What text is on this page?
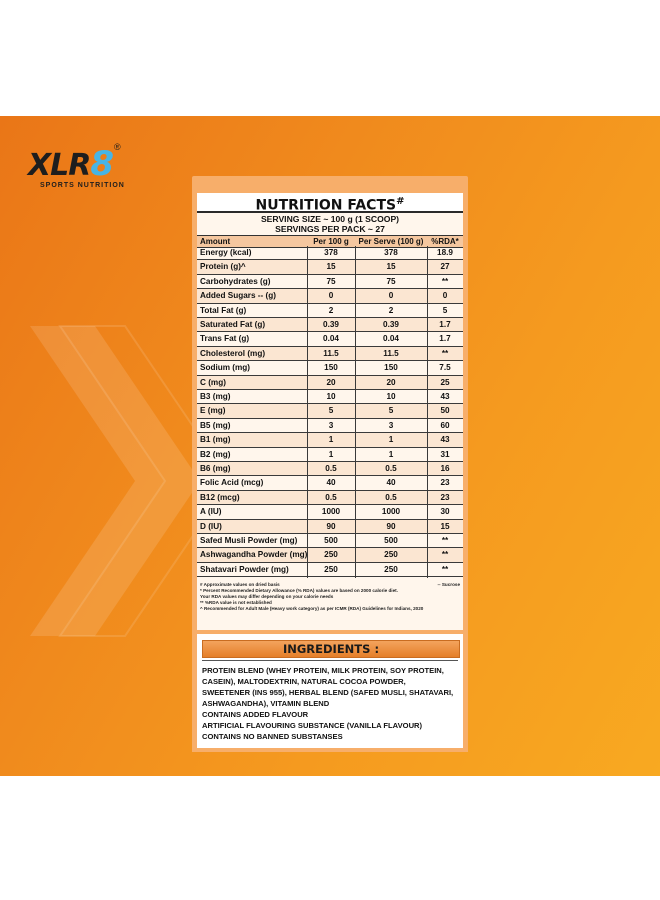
XLR8 ®
SPORTS NUTRITION
NUTRITION FACTS#
SERVING SIZE ~ 100 g (1 SCOOP)
SERVINGS PER PACK ~ 27
Amount	Per 100 g	Per Serve (100 g) %RDA*
Energy (kcal)	378	378	18.9
Protein (g)^	15	15	27
Carbohydrates (g)	75	75	**
Added Sugars -- (g)	0	0	0
Total Fat (g)	2	2	5
Saturated Fat (g)	0.39	0.39	1.7
Trans Fat (g)	0.04	0.04	1.7
Cholesterol (mg)	11.5	11.5	**
Sodium (mg)	150	150	7.5
C (mg)	20	20	25
B3 (mg)	10	10	43
E (mg)	5	5	50
B5 (mg)	3	3	60
B1 (mg)	1	1	43
B2 (mg)	1	1	31
B6 (mg)	0.5	0.5	16
Folic Acid (mcg)	40	40	23
B12 (mcg)	0.5	0.5	23
A (IU)	1000	1000	30
D (IU)	90	90	15
Safed Musli Powder (mg)	500	500	**
Ashwagandha Powder (mg)	250	250	**
Shatavari Powder (mg)	250	250	**
-- Sucrose
# Approximate values on dried basis
* Percent Recommended Dietary Allowance (% RDA) values are based on 2000 calorie diet.
Your RDA values may differ depending on your calorie needs
** %RDA value is not established
^ Recommended for Adult Male (Heavy work category) as per ICMR (RDA) Guidelines for Indians, 2020
INGREDIENTS :
PROTEIN BLEND (WHEY PROTEIN, MILK PROTEIN, SOY PROTEIN,
CASEIN), MALTODEXTRIN, NATURAL COCOA POWDER,
SWEETENER (INS 955), HERBAL BLEND (SAFED MUSLI, SHATAVARI,
ASHWAGANDHA), VITAMIN BLEND
CONTAINS ADDED FLAVOUR
ARTIFICIAL FLAVOURING SUBSTANCE (VANILLA FLAVOUR)
CONTAINS NO BANNED SUBSTANSES
